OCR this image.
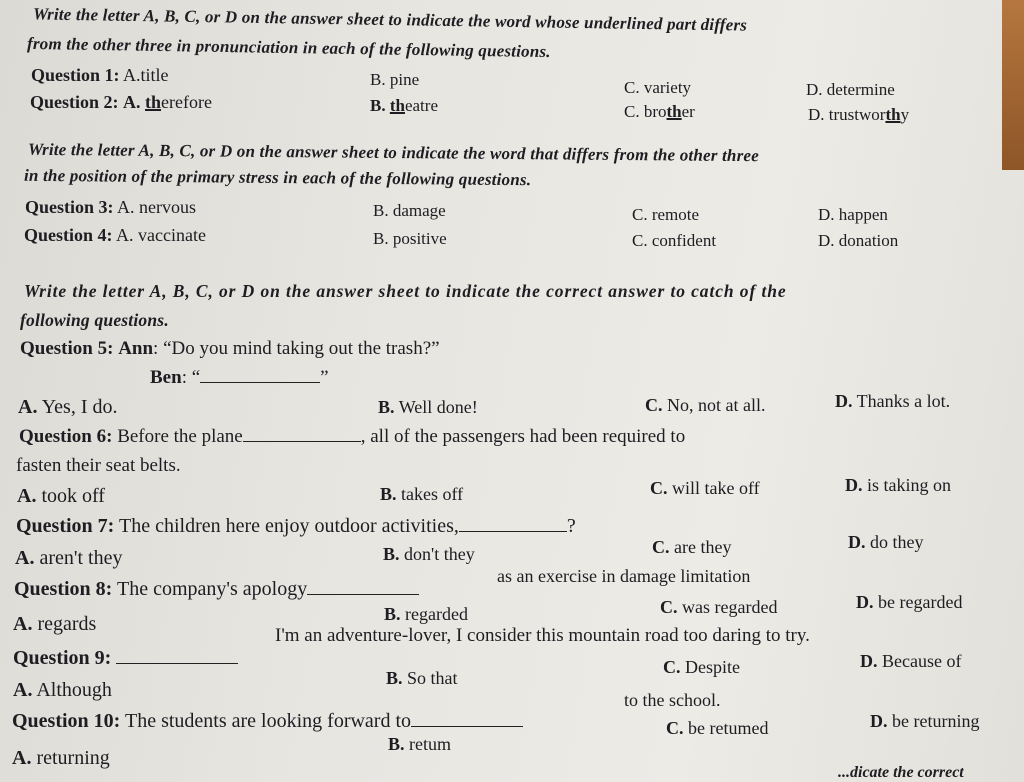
Write the letter A, B, C, or D on the answer sheet to indicate the word whose underlined part differs
from the other three in pronunciation in each of the following questions.
Question 1: A.title	B. pine	C. variety	D. determine
Question 2: A. therefore	B. theatre	C. brother	D. trustworthy
Write the letter A, B, C, or D on the answer sheet to indicate the word that differs from the other three
in the position of the primary stress in each of the following questions.
Question 3: A. nervous	B. damage	C. remote	D. happen
Question 4: A. vaccinate	B. positive	C. confident	D. donation
Write the letter A, B, C, or D on the answer sheet to indicate the correct answer to catch of the
following questions.
Question 5: Ann: “Do you mind taking out the trash?”
Ben: “	”
A. Yes, I do.	B. Well done!	C. No, not at all.	D. Thanks a lot.
Question 6: Before the plane	, all of the passengers had been required to
fasten their seat belts.
A. took off	B. takes off	C. will take off	D. is taking on
Question 7: The children here enjoy outdoor activities,	?
A. aren't they	B. don't they	C. are they	D. do they
Question 8: The company's apology
as an exercise in damage limitation
A. regards	B. regarded	C. was regarded	D. be regarded
Question 9:
I'm an adventure-lover, I consider this mountain road too daring to try.
A. Although
B. So that
C. Despite	D. Because of
Question 10: The students are looking forward to
to the school.
A. returning
B. retum
C. be retumed	D. be returning
...dicate the correct
